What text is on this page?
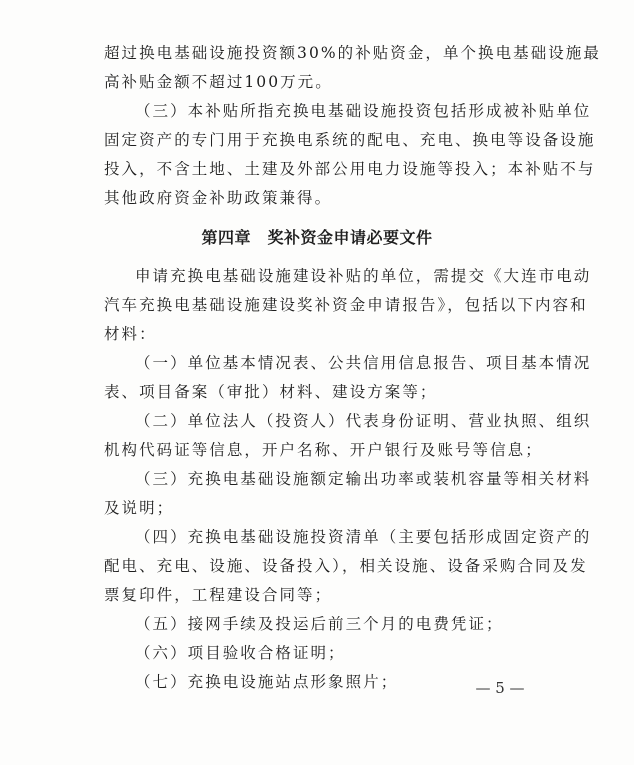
超过换电基础设施投资额30%的补贴资金，单个换电基础设施最
高补贴金额不超过100万元。
（三）本补贴所指充换电基础设施投资包括形成被补贴单位
固定资产的专门用于充换电系统的配电、充电、换电等设备设施
投入，不含土地、土建及外部公用电力设施等投入；本补贴不与
其他政府资金补助政策兼得。
第四章　奖补资金申请必要文件
申请充换电基础设施建设补贴的单位，需提交《大连市电动
汽车充换电基础设施建设奖补资金申请报告》，包括以下内容和
材料：
（一）单位基本情况表、公共信用信息报告、项目基本情况
表、项目备案（审批）材料、建设方案等；
（二）单位法人（投资人）代表身份证明、营业执照、组织
机构代码证等信息，开户名称、开户银行及账号等信息；
（三）充换电基础设施额定输出功率或装机容量等相关材料
及说明；
（四）充换电基础设施投资清单（主要包括形成固定资产的
配电、充电、设施、设备投入），相关设施、设备采购合同及发
票复印件，工程建设合同等；
（五）接网手续及投运后前三个月的电费凭证；
（六）项目验收合格证明；
（七）充换电设施站点形象照片；	— 5 —
